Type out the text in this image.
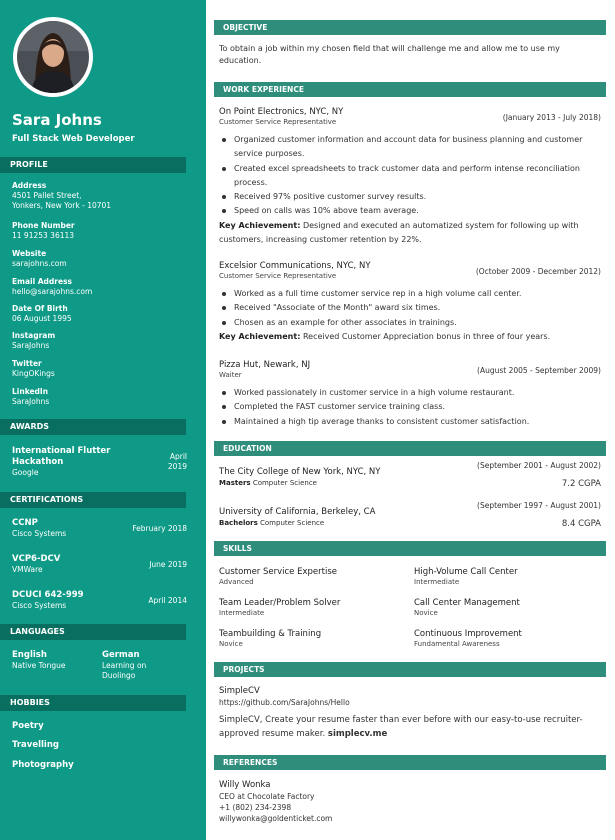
Sara Johns
Full Stack Web Developer
PROFILE
Address
4501 Pallet Street,
Yonkers, New York - 10701
Phone Number
11 91253 36113
Website
sarajohns.com
Email Address
hello@sarajohns.com
Date Of Birth
06 August 1995
Instagram
SaraJohns
Twitter
KingOKings
LinkedIn
SaraJohns
AWARDS
International Flutter
Hackathon
Google
April
2019
CERTIFICATIONS
CCNP
Cisco Systems
February 2018
VCP6-DCV
VMWare
June 2019
DCUCI 642-999
Cisco Systems
April 2014
LANGUAGES
English
Native Tongue
German
Learning on
Duolingo
HOBBIES
Poetry
Travelling
Photography
OBJECTIVE
To obtain a job within my chosen field that will challenge me and allow me to use my education.
WORK EXPERIENCE
On Point Electronics, NYC, NY
Customer Service Representative	(January 2013 - July 2018)
Organized customer information and account data for business planning and customer service purposes.
Created excel spreadsheets to track customer data and perform intense reconciliation process.
Received 97% positive customer survey results.
Speed on calls was 10% above team average.
Key Achievement: Designed and executed an automatized system for following up with customers, increasing customer retention by 22%.
Excelsior Communications, NYC, NY
Customer Service Representative	(October 2009 - December 2012)
Worked as a full time customer service rep in a high volume call center.
Received "Associate of the Month" award six times.
Chosen as an example for other associates in trainings.
Key Achievement: Received Customer Appreciation bonus in three of four years.
Pizza Hut, Newark, NJ
Waiter	(August 2005 - September 2009)
Worked passionately in customer service in a high volume restaurant.
Completed the FAST customer service training class.
Maintained a high tip average thanks to consistent customer satisfaction.
EDUCATION
(September 2001 - August 2002)
The City College of New York, NYC, NY
Masters Computer Science	7.2 CGPA
(September 1997 - August 2001)
University of California, Berkeley, CA
Bachelors Computer Science	8.4 CGPA
SKILLS
Customer Service Expertise
Advanced
High-Volume Call Center
Intermediate
Team Leader/Problem Solver
Intermediate
Call Center Management
Novice
Teambuilding & Training
Novice
Continuous Improvement
Fundamental Awareness
PROJECTS
SimpleCV
https://github.com/SaraJohns/Hello
SimpleCV, Create your resume faster than ever before with our easy-to-use recruiter-approved resume maker. simplecv.me
REFERENCES
Willy Wonka
CEO at Chocolate Factory
+1 (802) 234-2398
willywonka@goldenticket.com
